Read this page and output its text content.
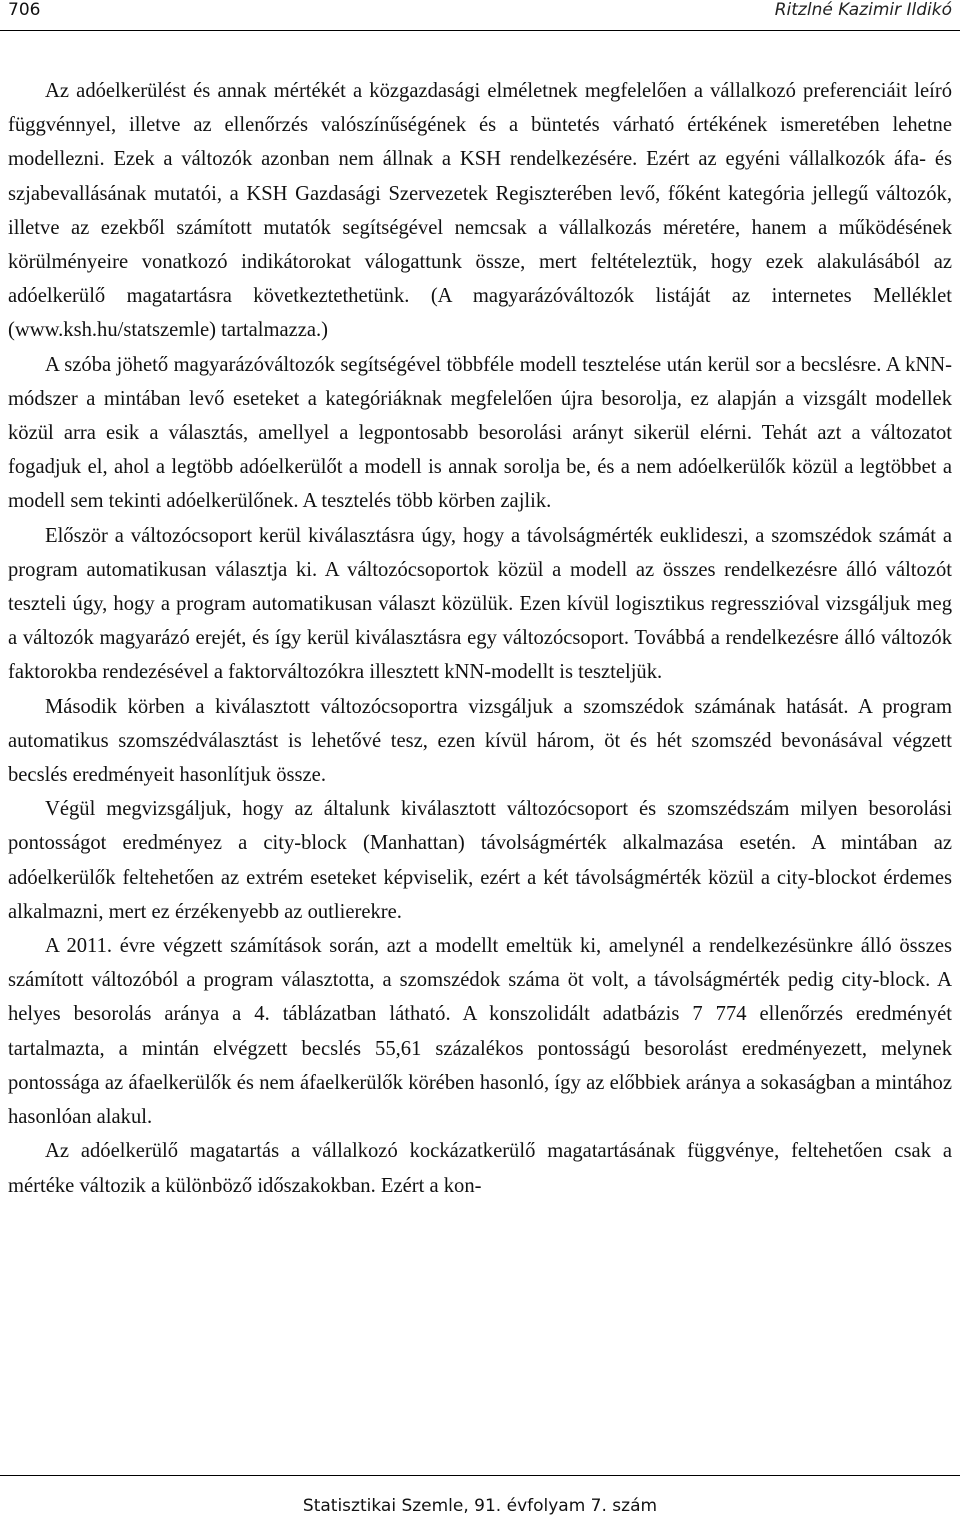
706	Ritzlné Kazimir Ildikó

Az adóelkerülést és annak mértékét a közgazdasági elméletnek megfelelően a vállalkozó preferenciáit leíró függvénnyel, illetve az ellenőrzés valószínűségének és a büntetés várható értékének ismeretében lehetne modellezni. Ezek a változók azonban nem állnak a KSH rendelkezésére. Ezért az egyéni vállalkozók áfa- és szjabevallásának mutatói, a KSH Gazdasági Szervezetek Regiszterében levő, főként kategória jellegű változók, illetve az ezekből számított mutatók segítségével nemcsak a vállalkozás méretére, hanem a működésének körülményeire vonatkozó indikátorokat válogattunk össze, mert feltételeztük, hogy ezek alakulásából az adóelkerülő magatartásra következtethetünk. (A magyarázóváltozók listáját az internetes Melléklet (www.ksh.hu/statszemle) tartalmazza.)

A szóba jöhető magyarázóváltozók segítségével többféle modell tesztelése után kerül sor a becslésre. A kNN-módszer a mintában levő eseteket a kategóriáknak megfelelően újra besorolja, ez alapján a vizsgált modellek közül arra esik a választás, amellyel a legpontosabb besorolási arányt sikerül elérni. Tehát azt a változatot fogadjuk el, ahol a legtöbb adóelkerülőt a modell is annak sorolja be, és a nem adóelkerülők közül a legtöbbet a modell sem tekinti adóelkerülőnek. A tesztelés több körben zajlik.

Először a változócsoport kerül kiválasztásra úgy, hogy a távolságmérték euklideszi, a szomszédok számát a program automatikusan választja ki. A változócsoportok közül a modell az összes rendelkezésre álló változót teszteli úgy, hogy a program automatikusan választ közülük. Ezen kívül logisztikus regresszióval vizsgáljuk meg a változók magyarázó erejét, és így kerül kiválasztásra egy változócsoport. Továbbá a rendelkezésre álló változók faktorokba rendezésével a faktorváltozókra illesztett kNN-modellt is teszteljük.

Második körben a kiválasztott változócsoportra vizsgáljuk a szomszédok számának hatását. A program automatikus szomszédválasztást is lehetővé tesz, ezen kívül három, öt és hét szomszéd bevonásával végzett becslés eredményeit hasonlítjuk össze.

Végül megvizsgáljuk, hogy az általunk kiválasztott változócsoport és szomszédszám milyen besorolási pontosságot eredményez a city-block (Manhattan) távolságmérték alkalmazása esetén. A mintában az adóelkerülők feltehetően az extrém eseteket képviselik, ezért a két távolságmérték közül a city-blockot érdemes alkalmazni, mert ez érzékenyebb az outlierekre.

A 2011. évre végzett számítások során, azt a modellt emeltük ki, amelynél a rendelkezésünkre álló összes számított változóból a program választotta, a szomszédok száma öt volt, a távolságmérték pedig city-block. A helyes besorolás aránya a 4. táblázatban látható. A konszolidált adatbázis 7 774 ellenőrzés eredményét tartalmazta, a mintán elvégzett becslés 55,61 százalékos pontosságú besorolást eredményezett, melynek pontossága az áfaelkerülők és nem áfaelkerülők körében hasonló, így az előbbiek aránya a sokaságban a mintához hasonlóan alakul.

Az adóelkerülő magatartás a vállalkozó kockázatkerülő magatartásának függvénye, feltehetően csak a mértéke változik a különböző időszakokban. Ezért a kon-

Statisztikai Szemle, 91. évfolyam 7. szám
